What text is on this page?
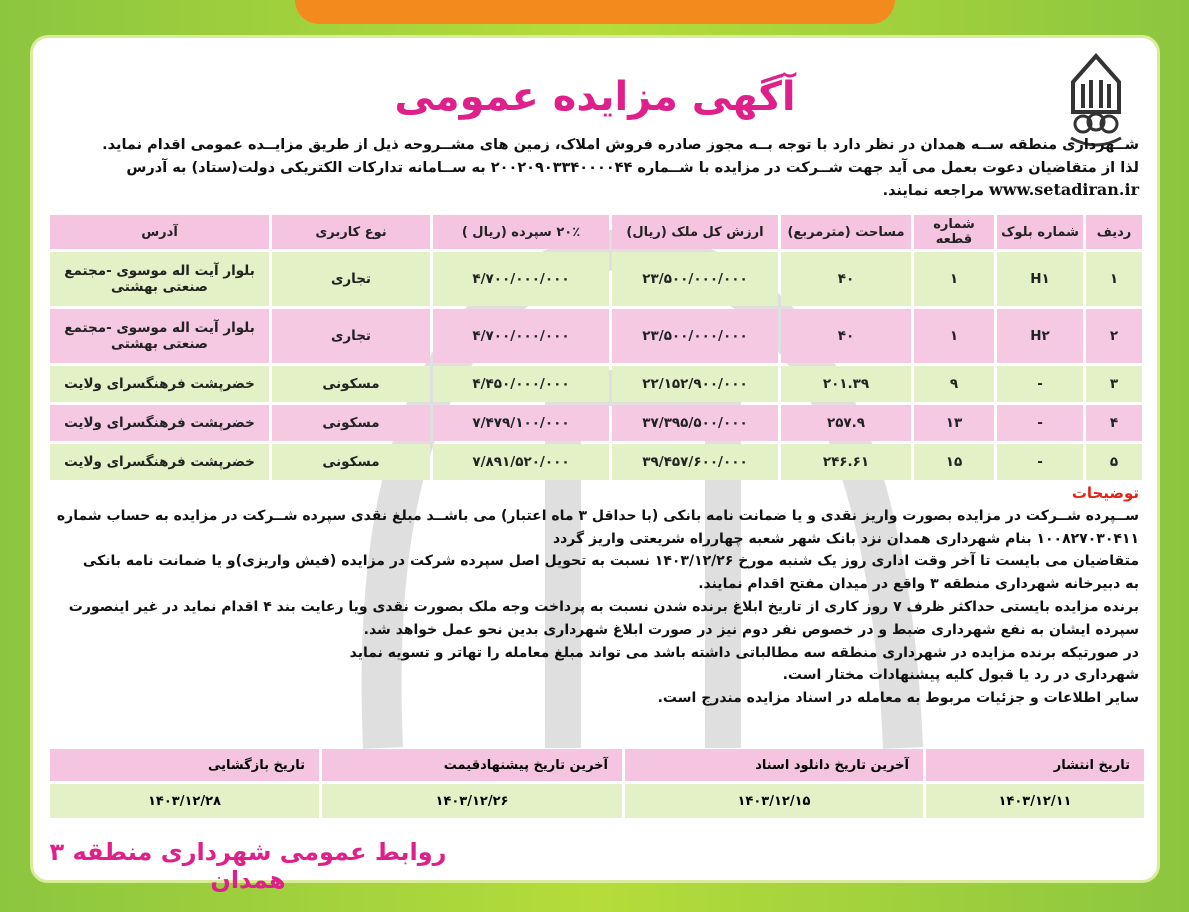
آگهی مزایده عمومی
شــهرداری منطقه ســه همدان در نظر دارد با توجه بــه مجوز صادره فروش املاک، زمین های مشــروحه ذیل از طریق مزایــده عمومی اقدام نماید.
لذا از متقاضیان دعوت بعمل می آید جهت شــرکت در مزایده با شــماره ۲۰۰۲۰۹۰۳۳۴۰۰۰۰۴۴ به ســامانه تدارکات الکتریکی دولت(ستاد) به آدرس
www.setadiran.ir مراجعه نمایند.
ردیف	شماره بلوک	شماره قطعه	مساحت (مترمربع)	ارزش کل ملک (ریال)	۲۰٪ سپرده (ریال )	نوع کاربری	آدرس
۱	H۱	۱	۴۰	۲۳/۵۰۰/۰۰۰/۰۰۰	۴/۷۰۰/۰۰۰/۰۰۰	تجاری	بلوار آیت اله موسوی -مجتمع صنعتی بهشتی
۲	H۲	۱	۴۰	۲۳/۵۰۰/۰۰۰/۰۰۰	۴/۷۰۰/۰۰۰/۰۰۰	تجاری	بلوار آیت اله موسوی -مجتمع صنعتی بهشتی
۳	-	۹	۲۰۱.۳۹	۲۲/۱۵۲/۹۰۰/۰۰۰	۴/۴۵۰/۰۰۰/۰۰۰	مسکونی	خضرپشت فرهنگسرای ولایت
۴	-	۱۳	۲۵۷.۹	۳۷/۳۹۵/۵۰۰/۰۰۰	۷/۴۷۹/۱۰۰/۰۰۰	مسکونی	خضرپشت فرهنگسرای ولایت
۵	-	۱۵	۲۴۶.۶۱	۳۹/۴۵۷/۶۰۰/۰۰۰	۷/۸۹۱/۵۲۰/۰۰۰	مسکونی	خضرپشت فرهنگسرای ولایت
توضیحات
ســپرده شــرکت در مزایده بصورت واریز نقدی و یا ضمانت نامه بانکی (با حداقل ۳ ماه اعتبار) می باشــد مبلغ نقدی سپرده شــرکت در مزایده به حساب شماره
۱۰۰۸۲۷۰۳۰۴۱۱ بنام شهرداری همدان نزد بانک شهر شعبه چهارراه شریعتی واریز گردد
متقاضیان می بایست تا آخر وقت اداری روز یک شنبه مورخ ۱۴۰۳/۱۲/۲۶ نسبت به تحویل اصل سپرده شرکت در مزایده (فیش واریزی)و یا ضمانت نامه بانکی
به دبیرخانه شهرداری منطقه ۳ واقع در میدان مفتح اقدام نمایند.
برنده مزایده بایستی حداکثر ظرف ۷ روز کاری از تاریخ ابلاغ برنده شدن نسبت به پرداخت وجه ملک بصورت نقدی ویا رعایت بند ۴ اقدام نماید در غیر اینصورت
سپرده ایشان به نفع شهرداری ضبط و در خصوص نفر دوم نیز در صورت ابلاغ شهرداری بدین نحو عمل خواهد شد.
در صورتیکه برنده مزایده در شهرداری منطقه سه مطالباتی داشته باشد می تواند مبلغ معامله را تهاتر و تسویه نماید
شهرداری در رد یا قبول کلیه پیشنهادات مختار است.
سایر اطلاعات و جزئیات مربوط به معامله در اسناد مزایده مندرج است.
تاریخ انتشار	آخرین تاریخ دانلود اسناد	آخرین تاریخ پیشنهادقیمت	تاریخ بازگشایی
۱۴۰۳/۱۲/۱۱	۱۴۰۳/۱۲/۱۵	۱۴۰۳/۱۲/۲۶	۱۴۰۳/۱۲/۲۸
روابط عمومی شهرداری منطقه ۳ همدان
